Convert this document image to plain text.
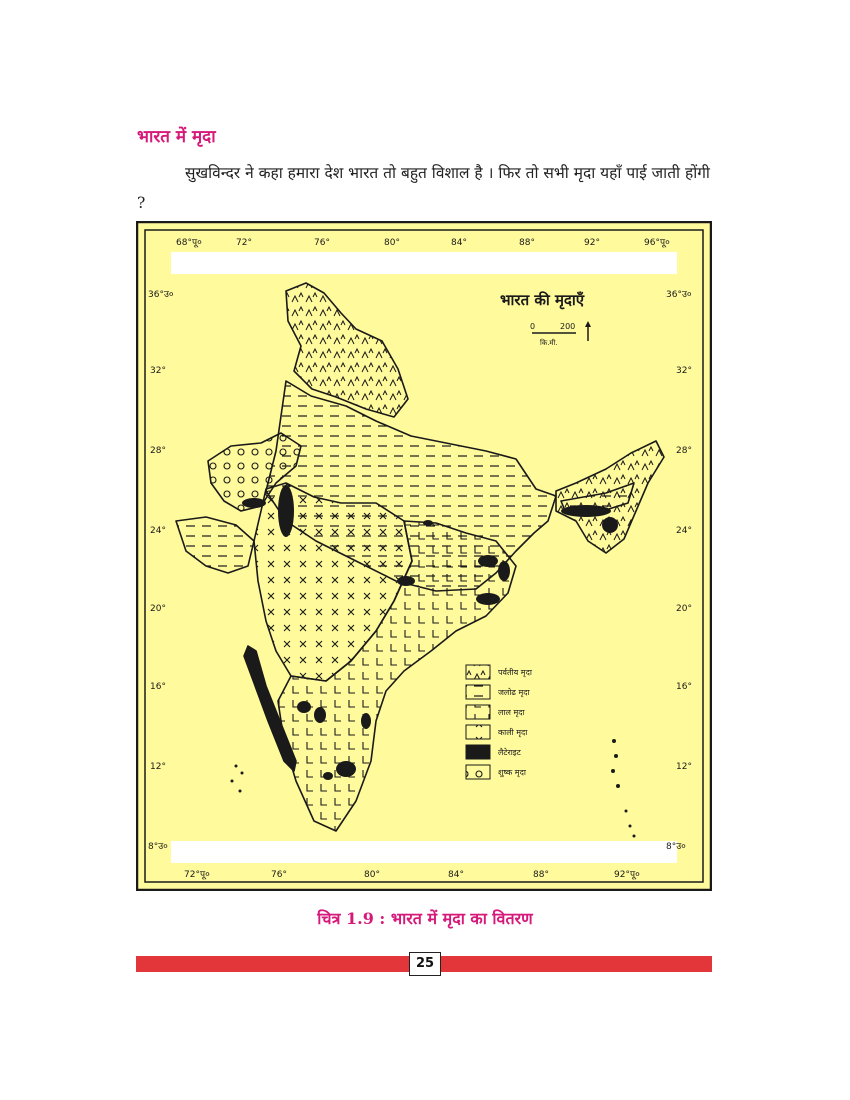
भारत में मृदा
सुखविन्दर ने कहा हमारा देश भारत तो बहुत विशाल है । फिर तो सभी मृदा यहाँ पाई जाती होंगी ?
68°पू०	72°	76°	80°	84°	88°	92°	96°पू०
72°पू०	76°	80°	84°	88°	92°पू०
36°उ०
32°
28°
24°
20°
16°
12°
8°उ०
36°उ०
32°
28°
24°
20°
16°
12°
8°उ०
भारत की मृदाएँ
0	200
कि.मी.
पर्वतीय मृदा
जलोढ मृदा
लाल मृदा
काली मृदा
लैटेराइट
शुष्क मृदा
चित्र 1.9 : भारत में मृदा का वितरण
25
